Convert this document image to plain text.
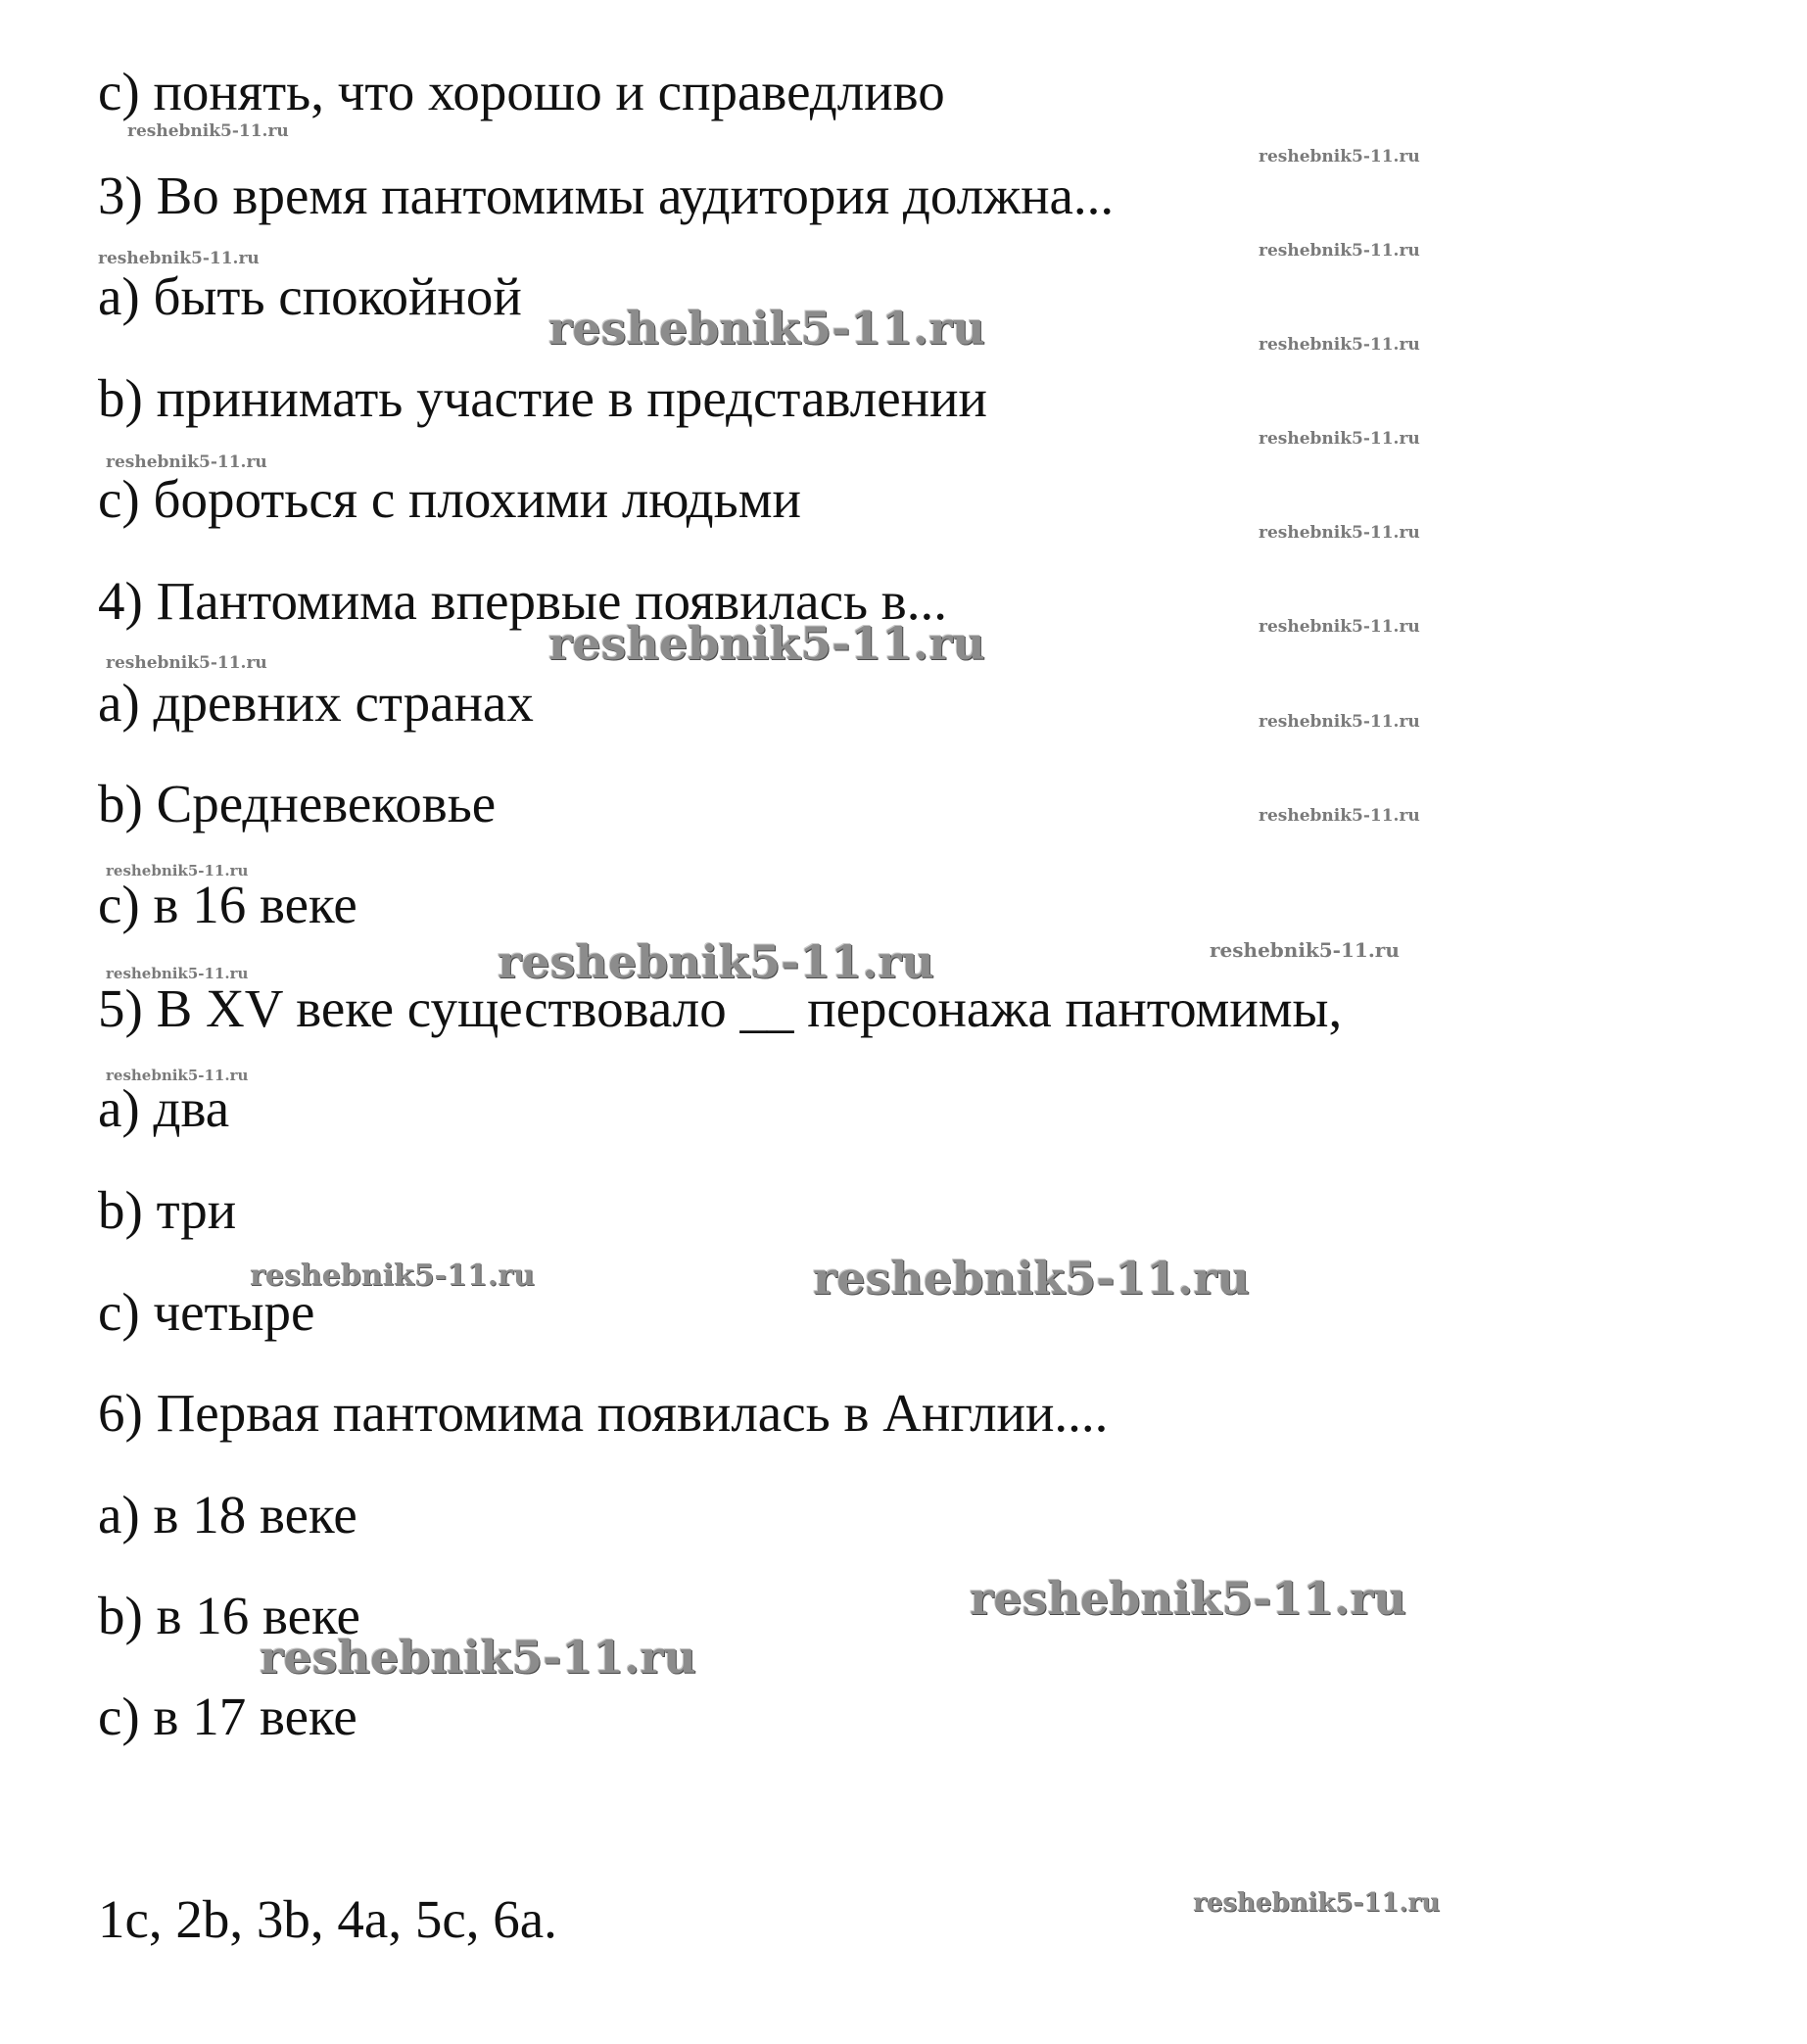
c) понять, что хорошо и справедливо
3) Во время пантомимы аудитория должна...
a) быть спокойной
b) принимать участие в представлении
c) бороться с плохими людьми
4) Пантомима впервые появилась в...
a) древних странах
b) Средневековье
c) в 16 веке
5) В XV веке существовало __ персонажа пантомимы,
a) два
b) три
c) четыре
6) Первая пантомима появилась в Англии....
a) в 18 веке
b) в 16 веке
c) в 17 веке
1c, 2b, 3b, 4a, 5c, 6a.
reshebnik5-11.ru
reshebnik5-11.ru
reshebnik5-11.ru	reshebnik5-11.ru
reshebnik5-11.ru
reshebnik5-11.ru
reshebnik5-11.ru
reshebnik5-11.ru
reshebnik5-11.ru
reshebnik5-11.ru
reshebnik5-11.ru
reshebnik5-11.ru
reshebnik5-11.ru
reshebnik5-11.ru
reshebnik5-11.ru
reshebnik5-11.ru
reshebnik5-11.ru
reshebnik5-11.ru
reshebnik5-11.ru
reshebnik5-11.ru
reshebnik5-11.ru
reshebnik5-11.ru
reshebnik5-11.ru
reshebnik5-11.ru
